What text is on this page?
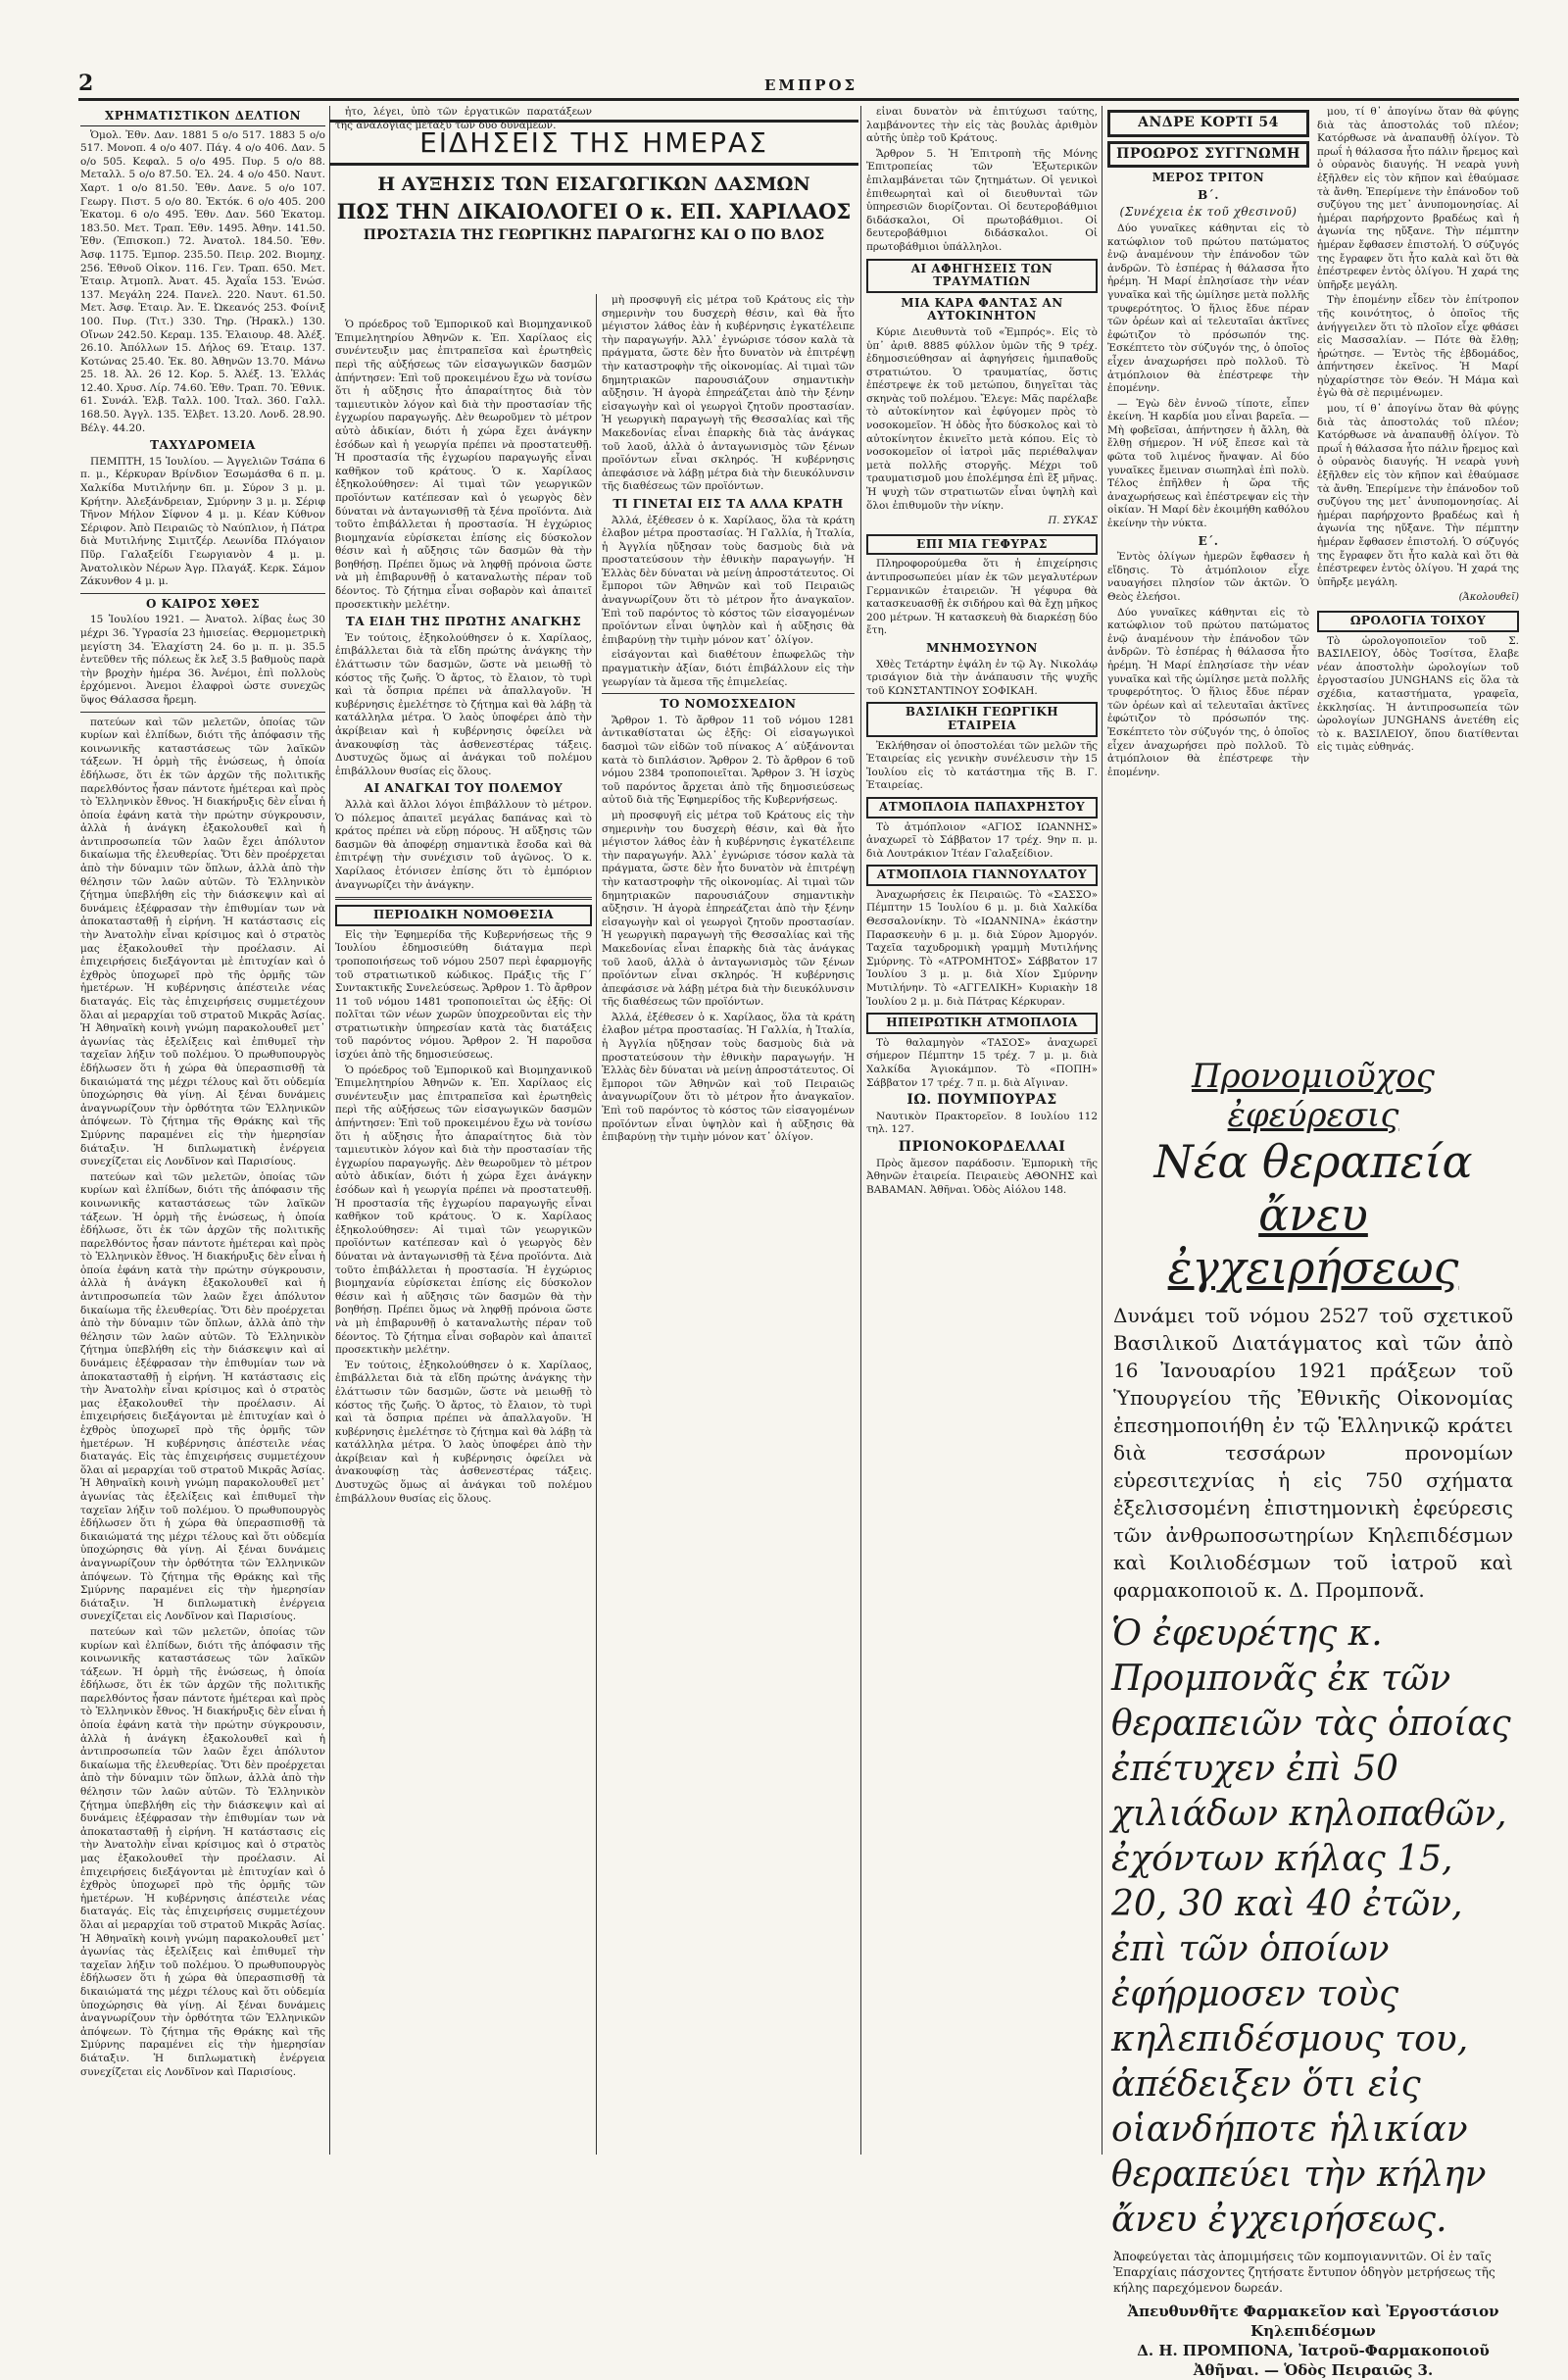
2	ΕΜΠΡΟΣ
ΧΡΗΜΑΤΙΣΤΙΚΟΝ ΔΕΛΤΙΟΝ

Ὁμολ. Ἐθν. Δαν. 1881 5 ο/ο 517. 1883 5 ο/ο 517. Μονοπ. 4 ο/ο 407. Πάγ. 4 ο/ο 406. Δαν. 5 ο/ο 505. Κεφαλ. 5 ο/ο 495. Πυρ. 5 ο/ο 88. Μεταλλ. 5 ο/ο 87.50. Ἐλ. 24. 4 ο/ο 450. Ναυτ. Χαρτ. 1 ο/ο 81.50. Ἐθν. Δανε. 5 ο/ο 107. Γεωργ. Πιστ. 5 ο/ο 80. Ἐκτόκ. 6 ο/ο 405. 200 Ἐκατομ. 6 ο/ο 495. Ἐθν. Δαν. 560 Ἐκατομ. 183.50. Μετ. Τραπ. Ἐθν. 1495. Ἀθην. 141.50. Ἐθν. (Ἐπισκοπ.) 72. Ἀνατολ. 184.50. Ἐθν. Ἀσφ. 1175. Ἐμπορ. 235.50. Πειρ. 202. Βιομηχ. 256. Ἐθνοῦ Οἰκον. 116. Γεν. Τραπ. 650. Μετ. Ἐταιρ. Ἀτμοπλ. Ἀνατ. 45. Ἀχαΐα 153. Ἐνώσ. 137. Μεγάλη 224. Πανελ. 220. Ναυτ. 61.50. Μετ. Ἀσφ. Ἐταιρ. Ἀν. Ἐ. Ὠκεανός 253. Φοίνιξ 100. Πυρ. (Τιτ.) 330. Τηρ. (Ἠρακλ.) 130. Οἴνων 242.50. Κεραμ. 135. Ἐλαιουρ. 48. Ἀλέξ. 26.10. Ἀπόλλων 15. Δήλος 69. Ἐταιρ. 137. Κοτώνας 25.40. Ἐκ. 80. Ἀθηνῶν 13.70. Μάνω 25. 18. Ἀλ. 26 12. Κορ. 5. Ἀλέξ. 13. Ἑλλάς 12.40. Χρυσ. Λίρ. 74.60. Ἐθν. Τραπ. 70. Ἐθνικ. 61. Συνάλ. Ἐλβ. Ταλλ. 100. Ἰταλ. 360. Γαλλ. 168.50. Ἀγγλ. 135. Ἐλβετ. 13.20. Λονδ. 28.90. Βέλγ. 44.20.

ΤΑΧΥΔΡΟΜΕΙΑ

ΠΕΜΠΤΗ, 15 Ἰουλίου. — Ἀγγελιῶν Τσάπα 6 π. μ., Κέρκυραν Βρίνδιον Ἐσωμάσθα 6 π. μ. Χαλκίδα Μυτιλήνην 6π. μ. Σύρον 3 μ. μ. Κρήτην. Ἀλεξάνδρειαν, Σμύρνην 3 μ. μ. Σέριφ Τῆνον Μήλον Σίφνον 4 μ. μ. Κέαν Κύθνον Σέριφον. Ἀπὸ Πειραιῶς τὸ Ναύπλιον, ἡ Πάτρα διὰ Μυτιλήνης Σιμιτζέρ. Λεωνίδα Πλόγαιον Πῦρ. Γαλαξείδι Γεωργιανὸν 4 μ. μ. Ἀνατολικὸν Νέρων Ἀγρ. Πλαγάξ. Κερκ. Σάμον Ζάκυνθον 4 μ. μ.

Ο ΚΑΙΡΟΣ ΧΘΕΣ

15 Ἰουλίου 1921. — Ἀνατολ. λίβας ἐως 30 μέχρι 36. Ὑγρασία 23 ἡμισείας. Θερμομετρικὴ μεγίστη 34. Ἐλαχίστη 24. 6ο μ. π. μ. 35.5 ἐντεῦθεν τῆς πόλεως ἔκ λεξ 3.5 βαθμοὺς παρὰ τὴν βροχὴν ἡμέρα 36. Ἀνέμοι, ἐπὶ πολλοὺς ἐρχόμενοι. Ἀνεμοι ἐλαφροὶ ὡστε συνεχῶς ὕψος Θάλασσα ἤρεμη.

πατεύων καὶ τῶν μελετῶν, ὁποίας τῶν κυρίων καὶ ἐλπίδων, διότι τῆς ἀπόφασιν τῆς κοινωνικῆς καταστάσεως τῶν λαϊκῶν τάξεων. Ἡ ὁρμὴ τῆς ἑνώσεως, ἡ ὁποία ἐδήλωσε, ὅτι ἐκ τῶν ἀρχῶν τῆς πολιτικῆς παρελθόντος ἦσαν πάντοτε ἡμέτεραι καὶ πρὸς τὸ Ἑλληνικὸν ἔθνος. Ἡ διακήρυξις δὲν εἶναι ἡ ὁποία ἐφάνη κατὰ τὴν πρώτην σύγκρουσιν, ἀλλὰ ἡ ἀνάγκη ἐξακολουθεῖ καὶ ἡ ἀντιπροσωπεία τῶν λαῶν ἔχει ἀπόλυτον δικαίωμα τῆς ἐλευθερίας. Ὅτι δὲν προέρχεται ἀπὸ τὴν δύναμιν τῶν ὅπλων, ἀλλὰ ἀπὸ τὴν θέλησιν τῶν λαῶν αὐτῶν. Τὸ Ἑλληνικὸν ζήτημα ὑπεβλήθη εἰς τὴν διάσκεψιν καὶ αἱ δυνάμεις ἐξέφρασαν τὴν ἐπιθυμίαν των νὰ ἀποκατασταθῇ ἡ εἰρήνη. Ἡ κατάστασις εἰς τὴν Ἀνατολὴν εἶναι κρίσιμος καὶ ὁ στρατὸς μας ἐξακολουθεῖ τὴν προέλασιν. Αἱ ἐπιχειρήσεις διεξάγονται μὲ ἐπιτυχίαν καὶ ὁ ἐχθρὸς ὑποχωρεῖ πρὸ τῆς ὁρμῆς τῶν ἡμετέρων. Ἡ κυβέρνησις ἀπέστειλε νέας διαταγάς. Εἰς τὰς ἐπιχειρήσεις συμμετέχουν ὅλαι αἱ μεραρχίαι τοῦ στρατοῦ Μικρᾶς Ἀσίας. Ἡ Ἀθηναϊκὴ κοινὴ γνώμη παρακολουθεῖ μετ᾽ ἀγωνίας τὰς ἐξελίξεις καὶ ἐπιθυμεῖ τὴν ταχεῖαν λήξιν τοῦ πολέμου. Ὁ πρωθυπουργὸς ἐδήλωσεν ὅτι ἡ χώρα θὰ ὑπερασπισθῇ τὰ δικαιώματά της μέχρι τέλους καὶ ὅτι οὐδεμία ὑποχώρησις θὰ γίνῃ. Αἱ ξέναι δυνάμεις ἀναγνωρίζουν τὴν ὀρθότητα τῶν Ἑλληνικῶν ἀπόψεων. Τὸ ζήτημα τῆς Θράκης καὶ τῆς Σμύρνης παραμένει εἰς τὴν ἡμερησίαν διάταξιν. Ἡ διπλωματικὴ ἐνέργεια συνεχίζεται εἰς Λονδῖνον καὶ Παρισίους.

πατεύων καὶ τῶν μελετῶν, ὁποίας τῶν κυρίων καὶ ἐλπίδων, διότι τῆς ἀπόφασιν τῆς κοινωνικῆς καταστάσεως τῶν λαϊκῶν τάξεων. Ἡ ὁρμὴ τῆς ἑνώσεως, ἡ ὁποία ἐδήλωσε, ὅτι ἐκ τῶν ἀρχῶν τῆς πολιτικῆς παρελθόντος ἦσαν πάντοτε ἡμέτεραι καὶ πρὸς τὸ Ἑλληνικὸν ἔθνος. Ἡ διακήρυξις δὲν εἶναι ἡ ὁποία ἐφάνη κατὰ τὴν πρώτην σύγκρουσιν, ἀλλὰ ἡ ἀνάγκη ἐξακολουθεῖ καὶ ἡ ἀντιπροσωπεία τῶν λαῶν ἔχει ἀπόλυτον δικαίωμα τῆς ἐλευθερίας. Ὅτι δὲν προέρχεται ἀπὸ τὴν δύναμιν τῶν ὅπλων, ἀλλὰ ἀπὸ τὴν θέλησιν τῶν λαῶν αὐτῶν. Τὸ Ἑλληνικὸν ζήτημα ὑπεβλήθη εἰς τὴν διάσκεψιν καὶ αἱ δυνάμεις ἐξέφρασαν τὴν ἐπιθυμίαν των νὰ ἀποκατασταθῇ ἡ εἰρήνη. Ἡ κατάστασις εἰς τὴν Ἀνατολὴν εἶναι κρίσιμος καὶ ὁ στρατὸς μας ἐξακολουθεῖ τὴν προέλασιν. Αἱ ἐπιχειρήσεις διεξάγονται μὲ ἐπιτυχίαν καὶ ὁ ἐχθρὸς ὑποχωρεῖ πρὸ τῆς ὁρμῆς τῶν ἡμετέρων. Ἡ κυβέρνησις ἀπέστειλε νέας διαταγάς. Εἰς τὰς ἐπιχειρήσεις συμμετέχουν ὅλαι αἱ μεραρχίαι τοῦ στρατοῦ Μικρᾶς Ἀσίας. Ἡ Ἀθηναϊκὴ κοινὴ γνώμη παρακολουθεῖ μετ᾽ ἀγωνίας τὰς ἐξελίξεις καὶ ἐπιθυμεῖ τὴν ταχεῖαν λήξιν τοῦ πολέμου. Ὁ πρωθυπουργὸς ἐδήλωσεν ὅτι ἡ χώρα θὰ ὑπερασπισθῇ τὰ δικαιώματά της μέχρι τέλους καὶ ὅτι οὐδεμία ὑποχώρησις θὰ γίνῃ. Αἱ ξέναι δυνάμεις ἀναγνωρίζουν τὴν ὀρθότητα τῶν Ἑλληνικῶν ἀπόψεων. Τὸ ζήτημα τῆς Θράκης καὶ τῆς Σμύρνης παραμένει εἰς τὴν ἡμερησίαν διάταξιν. Ἡ διπλωματικὴ ἐνέργεια συνεχίζεται εἰς Λονδῖνον καὶ Παρισίους.

πατεύων καὶ τῶν μελετῶν, ὁποίας τῶν κυρίων καὶ ἐλπίδων, διότι τῆς ἀπόφασιν τῆς κοινωνικῆς καταστάσεως τῶν λαϊκῶν τάξεων. Ἡ ὁρμὴ τῆς ἑνώσεως, ἡ ὁποία ἐδήλωσε, ὅτι ἐκ τῶν ἀρχῶν τῆς πολιτικῆς παρελθόντος ἦσαν πάντοτε ἡμέτεραι καὶ πρὸς τὸ Ἑλληνικὸν ἔθνος. Ἡ διακήρυξις δὲν εἶναι ἡ ὁποία ἐφάνη κατὰ τὴν πρώτην σύγκρουσιν, ἀλλὰ ἡ ἀνάγκη ἐξακολουθεῖ καὶ ἡ ἀντιπροσωπεία τῶν λαῶν ἔχει ἀπόλυτον δικαίωμα τῆς ἐλευθερίας. Ὅτι δὲν προέρχεται ἀπὸ τὴν δύναμιν τῶν ὅπλων, ἀλλὰ ἀπὸ τὴν θέλησιν τῶν λαῶν αὐτῶν. Τὸ Ἑλληνικὸν ζήτημα ὑπεβλήθη εἰς τὴν διάσκεψιν καὶ αἱ δυνάμεις ἐξέφρασαν τὴν ἐπιθυμίαν των νὰ ἀποκατασταθῇ ἡ εἰρήνη. Ἡ κατάστασις εἰς τὴν Ἀνατολὴν εἶναι κρίσιμος καὶ ὁ στρατὸς μας ἐξακολουθεῖ τὴν προέλασιν. Αἱ ἐπιχειρήσεις διεξάγονται μὲ ἐπιτυχίαν καὶ ὁ ἐχθρὸς ὑποχωρεῖ πρὸ τῆς ὁρμῆς τῶν ἡμετέρων. Ἡ κυβέρνησις ἀπέστειλε νέας διαταγάς. Εἰς τὰς ἐπιχειρήσεις συμμετέχουν ὅλαι αἱ μεραρχίαι τοῦ στρατοῦ Μικρᾶς Ἀσίας. Ἡ Ἀθηναϊκὴ κοινὴ γνώμη παρακολουθεῖ μετ᾽ ἀγωνίας τὰς ἐξελίξεις καὶ ἐπιθυμεῖ τὴν ταχεῖαν λήξιν τοῦ πολέμου. Ὁ πρωθυπουργὸς ἐδήλωσεν ὅτι ἡ χώρα θὰ ὑπερασπισθῇ τὰ δικαιώματά της μέχρι τέλους καὶ ὅτι οὐδεμία ὑποχώρησις θὰ γίνῃ. Αἱ ξέναι δυνάμεις ἀναγνωρίζουν τὴν ὀρθότητα τῶν Ἑλληνικῶν ἀπόψεων. Τὸ ζήτημα τῆς Θράκης καὶ τῆς Σμύρνης παραμένει εἰς τὴν ἡμερησίαν διάταξιν. Ἡ διπλωματικὴ ἐνέργεια συνεχίζεται εἰς Λονδῖνον καὶ Παρισίους.

ἦτο, λέγει, ὑπὸ τῶν ἐργατικῶν παρατάξεων τῆς ἀναλογίας μεταξύ τῶν δύο δυνάμεων.

Ὁ πρόεδρος τοῦ Ἐμπορικοῦ καὶ Βιομηχανικοῦ Ἐπιμελητηρίου Ἀθηνῶν κ. Ἐπ. Χαρίλαος εἰς συνέντευξιν μας ἐπιτραπεῖσα καὶ ἐρωτηθεὶς περὶ τῆς αὐξήσεως τῶν εἰσαγωγικῶν δασμῶν ἀπήντησεν: Ἐπὶ τοῦ προκειμένου ἔχω νὰ τονίσω ὅτι ἡ αὔξησις ἦτο ἀπαραίτητος διὰ τὸν ταμιευτικὸν λόγον καὶ διὰ τὴν προστασίαν τῆς ἐγχωρίου παραγωγῆς. Δὲν θεωροῦμεν τὸ μέτρον αὐτὸ ἀδικίαν, διότι ἡ χώρα ἔχει ἀνάγκην ἐσόδων καὶ ἡ γεωργία πρέπει νὰ προστατευθῇ. Ἡ προστασία τῆς ἐγχωρίου παραγωγῆς εἶναι καθῆκον τοῦ κράτους. Ὁ κ. Χαρίλαος ἐξηκολούθησεν: Αἱ τιμαὶ τῶν γεωργικῶν προϊόντων κατέπεσαν καὶ ὁ γεωργὸς δὲν δύναται νὰ ἀνταγωνισθῇ τὰ ξένα προϊόντα. Διὰ τοῦτο ἐπιβάλλεται ἡ προστασία. Ἡ ἐγχώριος βιομηχανία εὑρίσκεται ἐπίσης εἰς δύσκολον θέσιν καὶ ἡ αὔξησις τῶν δασμῶν θὰ τὴν βοηθήσῃ. Πρέπει ὅμως νὰ ληφθῇ πρόνοια ὥστε νὰ μὴ ἐπιβαρυνθῇ ὁ καταναλωτὴς πέραν τοῦ δέοντος. Τὸ ζήτημα εἶναι σοβαρὸν καὶ ἀπαιτεῖ προσεκτικὴν μελέτην.

ΤΑ ΕΙΔΗ ΤΗΣ ΠΡΩΤΗΣ ΑΝΑΓΚΗΣ

Ἐν τούτοις, ἐξηκολούθησεν ὁ κ. Χαρίλαος, ἐπιβάλλεται διὰ τὰ εἴδη πρώτης ἀνάγκης τὴν ἐλάττωσιν τῶν δασμῶν, ὥστε νὰ μειωθῇ τὸ κόστος τῆς ζωῆς. Ὁ ἄρτος, τὸ ἔλαιον, τὸ τυρὶ καὶ τὰ ὄσπρια πρέπει νὰ ἀπαλλαγοῦν. Ἡ κυβέρνησις ἐμελέτησε τὸ ζήτημα καὶ θὰ λάβῃ τὰ κατάλληλα μέτρα. Ὁ λαὸς ὑποφέρει ἀπὸ τὴν ἀκρίβειαν καὶ ἡ κυβέρνησις ὀφείλει νὰ ἀνακουφίσῃ τὰς ἀσθενεστέρας τάξεις. Δυστυχῶς ὅμως αἱ ἀνάγκαι τοῦ πολέμου ἐπιβάλλουν θυσίας εἰς ὅλους.

ΑΙ ΑΝΑΓΚΑΙ ΤΟΥ ΠΟΛΕΜΟΥ

Ἀλλὰ καὶ ἄλλοι λόγοι ἐπιβάλλουν τὸ μέτρον. Ὁ πόλεμος ἀπαιτεῖ μεγάλας δαπάνας καὶ τὸ κράτος πρέπει νὰ εὕρῃ πόρους. Ἡ αὔξησις τῶν δασμῶν θὰ ἀποφέρῃ σημαντικὰ ἔσοδα καὶ θὰ ἐπιτρέψῃ τὴν συνέχισιν τοῦ ἀγῶνος. Ὁ κ. Χαρίλαος ἐτόνισεν ἐπίσης ὅτι τὸ ἐμπόριον ἀναγνωρίζει τὴν ἀνάγκην.

ΠΕΡΙΟΔΙΚΗ ΝΟΜΟΘΕΣΙΑ

Εἰς τὴν Ἐφημερίδα τῆς Κυβερνήσεως τῆς 9 Ἰουλίου ἐδημοσιεύθη διάταγμα περὶ τροποποιήσεως τοῦ νόμου 2507 περὶ ἐφαρμογῆς τοῦ στρατιωτικοῦ κώδικος. Πράξις τῆς Γ΄ Συντακτικῆς Συνελεύσεως. Ἄρθρον 1. Τὸ ἄρθρον 11 τοῦ νόμου 1481 τροποποιεῖται ὡς ἑξῆς: Οἱ πολῖται τῶν νέων χωρῶν ὑποχρεοῦνται εἰς τὴν στρατιωτικὴν ὑπηρεσίαν κατὰ τὰς διατάξεις τοῦ παρόντος νόμου. Ἄρθρον 2. Ἡ παροῦσα ἰσχύει ἀπὸ τῆς δημοσιεύσεως.

Ὁ πρόεδρος τοῦ Ἐμπορικοῦ καὶ Βιομηχανικοῦ Ἐπιμελητηρίου Ἀθηνῶν κ. Ἐπ. Χαρίλαος εἰς συνέντευξιν μας ἐπιτραπεῖσα καὶ ἐρωτηθεὶς περὶ τῆς αὐξήσεως τῶν εἰσαγωγικῶν δασμῶν ἀπήντησεν: Ἐπὶ τοῦ προκειμένου ἔχω νὰ τονίσω ὅτι ἡ αὔξησις ἦτο ἀπαραίτητος διὰ τὸν ταμιευτικὸν λόγον καὶ διὰ τὴν προστασίαν τῆς ἐγχωρίου παραγωγῆς. Δὲν θεωροῦμεν τὸ μέτρον αὐτὸ ἀδικίαν, διότι ἡ χώρα ἔχει ἀνάγκην ἐσόδων καὶ ἡ γεωργία πρέπει νὰ προστατευθῇ. Ἡ προστασία τῆς ἐγχωρίου παραγωγῆς εἶναι καθῆκον τοῦ κράτους. Ὁ κ. Χαρίλαος ἐξηκολούθησεν: Αἱ τιμαὶ τῶν γεωργικῶν προϊόντων κατέπεσαν καὶ ὁ γεωργὸς δὲν δύναται νὰ ἀνταγωνισθῇ τὰ ξένα προϊόντα. Διὰ τοῦτο ἐπιβάλλεται ἡ προστασία. Ἡ ἐγχώριος βιομηχανία εὑρίσκεται ἐπίσης εἰς δύσκολον θέσιν καὶ ἡ αὔξησις τῶν δασμῶν θὰ τὴν βοηθήσῃ. Πρέπει ὅμως νὰ ληφθῇ πρόνοια ὥστε νὰ μὴ ἐπιβαρυνθῇ ὁ καταναλωτὴς πέραν τοῦ δέοντος. Τὸ ζήτημα εἶναι σοβαρὸν καὶ ἀπαιτεῖ προσεκτικὴν μελέτην.

Ἐν τούτοις, ἐξηκολούθησεν ὁ κ. Χαρίλαος, ἐπιβάλλεται διὰ τὰ εἴδη πρώτης ἀνάγκης τὴν ἐλάττωσιν τῶν δασμῶν, ὥστε νὰ μειωθῇ τὸ κόστος τῆς ζωῆς. Ὁ ἄρτος, τὸ ἔλαιον, τὸ τυρὶ καὶ τὰ ὄσπρια πρέπει νὰ ἀπαλλαγοῦν. Ἡ κυβέρνησις ἐμελέτησε τὸ ζήτημα καὶ θὰ λάβῃ τὰ κατάλληλα μέτρα. Ὁ λαὸς ὑποφέρει ἀπὸ τὴν ἀκρίβειαν καὶ ἡ κυβέρνησις ὀφείλει νὰ ἀνακουφίσῃ τὰς ἀσθενεστέρας τάξεις. Δυστυχῶς ὅμως αἱ ἀνάγκαι τοῦ πολέμου ἐπιβάλλουν θυσίας εἰς ὅλους.

ΕΙΔΗΣΕΙΣ ΤΗΣ ΗΜΕΡΑΣ
Η ΑΥΞΗΣΙΣ ΤΩΝ ΕΙΣΑΓΩΓΙΚΩΝ ΔΑΣΜΩΝ
ΠΩΣ ΤΗΝ ΔΙΚΑΙΟΛΟΓΕΙ Ο κ. ΕΠ. ΧΑΡΙΛΑΟΣ
ΠΡΟΣΤΑΣΙΑ ΤΗΣ ΓΕΩΡΓΙΚΗΣ ΠΑΡΑΓΩΓΗΣ ΚΑΙ Ο ΠΟ ΒΛΟΣ

μὴ προσφυγῆ εἰς μέτρα τοῦ Κράτους εἰς τὴν σημερινὴν του δυσχερὴ θέσιν, καὶ θὰ ἦτο μέγιστον λάθος ἐὰν ἡ κυβέρνησις ἐγκατέλειπε τὴν παραγωγήν. Ἀλλ᾽ ἐγνώρισε τόσον καλὰ τὰ πράγματα, ὥστε δὲν ἦτο δυνατὸν νὰ ἐπιτρέψῃ τὴν καταστροφὴν τῆς οἰκονομίας. Αἱ τιμαὶ τῶν δημητριακῶν παρουσιάζουν σημαντικὴν αὔξησιν. Ἡ ἀγορὰ ἐπηρεάζεται ἀπὸ τὴν ξένην εἰσαγωγὴν καὶ οἱ γεωργοὶ ζητοῦν προστασίαν. Ἡ γεωργικὴ παραγωγὴ τῆς Θεσσαλίας καὶ τῆς Μακεδονίας εἶναι ἐπαρκὴς διὰ τὰς ἀνάγκας τοῦ λαοῦ, ἀλλὰ ὁ ἀνταγωνισμὸς τῶν ξένων προϊόντων εἶναι σκληρός. Ἡ κυβέρνησις ἀπεφάσισε νὰ λάβῃ μέτρα διὰ τὴν διευκόλυνσιν τῆς διαθέσεως τῶν προϊόντων.

ΤΙ ΓΙΝΕΤΑΙ ΕΙΣ ΤΑ ΑΛΛΑ ΚΡΑΤΗ

Ἀλλά, ἐξέθεσεν ὁ κ. Χαρίλαος, ὅλα τὰ κράτη ἐλαβον μέτρα προστασίας. Ἡ Γαλλία, ἡ Ἰταλία, ἡ Ἀγγλία ηὔξησαν τοὺς δασμοὺς διὰ νὰ προστατεύσουν τὴν ἐθνικὴν παραγωγήν. Ἡ Ἑλλὰς δὲν δύναται νὰ μείνῃ ἀπροστάτευτος. Οἱ ἔμποροι τῶν Ἀθηνῶν καὶ τοῦ Πειραιῶς ἀναγνωρίζουν ὅτι τὸ μέτρον ἦτο ἀναγκαῖον. Ἐπὶ τοῦ παρόντος τὸ κόστος τῶν εἰσαγομένων προϊόντων εἶναι ὑψηλὸν καὶ ἡ αὔξησις θὰ ἐπιβαρύνῃ τὴν τιμὴν μόνον κατ᾽ ὀλίγον.

εἰσάγονται καὶ διαθέτουν ἐπωφελῶς τὴν πραγματικὴν ἀξίαν, διότι ἐπιβάλλουν εἰς τὴν γεωργίαν τὰ ἄμεσα τῆς ἐπιμελείας.

ΤΟ ΝΟΜΟΣΧΕΔΙΟΝ

Ἄρθρον 1. Τὸ ἄρθρον 11 τοῦ νόμου 1281 ἀντικαθίσταται ὡς ἑξῆς: Οἱ εἰσαγωγικοὶ δασμοὶ τῶν εἰδῶν τοῦ πίνακος Α΄ αὐξάνονται κατὰ τὸ διπλάσιον. Ἄρθρον 2. Τὸ ἄρθρον 6 τοῦ νόμου 2384 τροποποιεῖται. Ἄρθρον 3. Ἡ ἰσχὺς τοῦ παρόντος ἄρχεται ἀπὸ τῆς δημοσιεύσεως αὐτοῦ διὰ τῆς Ἐφημερίδος τῆς Κυβερνήσεως.

μὴ προσφυγῆ εἰς μέτρα τοῦ Κράτους εἰς τὴν σημερινὴν του δυσχερὴ θέσιν, καὶ θὰ ἦτο μέγιστον λάθος ἐὰν ἡ κυβέρνησις ἐγκατέλειπε τὴν παραγωγήν. Ἀλλ᾽ ἐγνώρισε τόσον καλὰ τὰ πράγματα, ὥστε δὲν ἦτο δυνατὸν νὰ ἐπιτρέψῃ τὴν καταστροφὴν τῆς οἰκονομίας. Αἱ τιμαὶ τῶν δημητριακῶν παρουσιάζουν σημαντικὴν αὔξησιν. Ἡ ἀγορὰ ἐπηρεάζεται ἀπὸ τὴν ξένην εἰσαγωγὴν καὶ οἱ γεωργοὶ ζητοῦν προστασίαν. Ἡ γεωργικὴ παραγωγὴ τῆς Θεσσαλίας καὶ τῆς Μακεδονίας εἶναι ἐπαρκὴς διὰ τὰς ἀνάγκας τοῦ λαοῦ, ἀλλὰ ὁ ἀνταγωνισμὸς τῶν ξένων προϊόντων εἶναι σκληρός. Ἡ κυβέρνησις ἀπεφάσισε νὰ λάβῃ μέτρα διὰ τὴν διευκόλυνσιν τῆς διαθέσεως τῶν προϊόντων.

Ἀλλά, ἐξέθεσεν ὁ κ. Χαρίλαος, ὅλα τὰ κράτη ἐλαβον μέτρα προστασίας. Ἡ Γαλλία, ἡ Ἰταλία, ἡ Ἀγγλία ηὔξησαν τοὺς δασμοὺς διὰ νὰ προστατεύσουν τὴν ἐθνικὴν παραγωγήν. Ἡ Ἑλλὰς δὲν δύναται νὰ μείνῃ ἀπροστάτευτος. Οἱ ἔμποροι τῶν Ἀθηνῶν καὶ τοῦ Πειραιῶς ἀναγνωρίζουν ὅτι τὸ μέτρον ἦτο ἀναγκαῖον. Ἐπὶ τοῦ παρόντος τὸ κόστος τῶν εἰσαγομένων προϊόντων εἶναι ὑψηλὸν καὶ ἡ αὔξησις θὰ ἐπιβαρύνῃ τὴν τιμὴν μόνον κατ᾽ ὀλίγον.

εἶναι δυνατὸν νὰ ἐπιτύχωσι ταύτης, λαμβάνοντες τὴν εἰς τὰς βουλὰς ἀριθμὸν αὐτῆς ὑπὲρ τοῦ Κράτους.

Ἄρθρον 5. Ἡ Ἐπιτροπὴ τῆς Μόνης Ἐπιτροπείας τῶν Ἐξωτερικῶν ἐπιλαμβάνεται τῶν ζητημάτων. Οἱ γενικοὶ ἐπιθεωρηταὶ καὶ οἱ διευθυνταὶ τῶν ὑπηρεσιῶν διορίζονται. Οἱ δευτεροβάθμιοι διδάσκαλοι, Οἱ πρωτοβάθμιοι. Οἱ δευτεροβάθμιοι διδάσκαλοι. Οἱ πρωτοβάθμιοι ὑπάλληλοι.

ΑΙ ΑΦΗΓΗΣΕΙΣ ΤΩΝ ΤΡΑΥΜΑΤΙΩΝ
ΜΙΑ ΚΑΡΑ ΦΑΝΤΑΣ ΑΝ ΑΥΤΟΚΙΝΗΤΟΝ

Κύριε Διευθυντὰ τοῦ «Ἐμπρός». Εἰς τὸ ὑπ᾽ ἀριθ. 8885 φύλλον ὑμῶν τῆς 9 τρέχ. ἐδημοσιεύθησαν αἱ ἀφηγήσεις ἡμιπαθοῦς στρατιώτου. Ὁ τραυματίας, ὅστις ἐπέστρεψε ἐκ τοῦ μετώπου, διηγεῖται τὰς σκηνὰς τοῦ πολέμου. Ἔλεγε: Μᾶς παρέλαβε τὸ αὐτοκίνητον καὶ ἐφύγομεν πρὸς τὸ νοσοκομεῖον. Ἡ ὁδὸς ἦτο δύσκολος καὶ τὸ αὐτοκίνητον ἐκινεῖτο μετὰ κόπου. Εἰς τὸ νοσοκομεῖον οἱ ἰατροὶ μᾶς περιέθαλψαν μετὰ πολλῆς στοργῆς. Μέχρι τοῦ τραυματισμοῦ μου ἐπολέμησα ἐπὶ ἓξ μῆνας. Ἡ ψυχὴ τῶν στρατιωτῶν εἶναι ὑψηλὴ καὶ ὅλοι ἐπιθυμοῦν τὴν νίκην.

Π. ΣΥΚΑΣ
ΕΠΙ ΜΙΑ ΓΕΦΥΡΑΣ

Πληροφορούμεθα ὅτι ἡ ἐπιχείρησις ἀντιπροσωπεύει μίαν ἐκ τῶν μεγαλυτέρων Γερμανικῶν ἐταιρειῶν. Ἡ γέφυρα θὰ κατασκευασθῇ ἐκ σιδήρου καὶ θὰ ἔχῃ μῆκος 200 μέτρων. Ἡ κατασκευὴ θὰ διαρκέσῃ δύο ἔτη.

ΜΝΗΜΟΣΥΝΟΝ

Χθὲς Τετάρτην ἐψάλη ἐν τῷ Ἀγ. Νικολάῳ τρισάγιον διὰ τὴν ἀνάπαυσιν τῆς ψυχῆς τοῦ ΚΩΝΣΤΑΝΤΙΝΟΥ ΣΟΦΙΚΑΗ.

ΒΑΣΙΛΙΚΗ ΓΕΩΡΓΙΚΗ ΕΤΑΙΡΕΙΑ

Ἐκλήθησαν οἱ ὁποστολέαι τῶν μελῶν τῆς Ἑταιρείας εἰς γενικὴν συνέλευσιν τὴν 15 Ἰουλίου εἰς τὸ κατάστημα τῆς Β. Γ. Ἑταιρείας.

ΑΤΜΟΠΛΟΙΑ ΠΑΠΑΧΡΗΣΤΟΥ

Τὸ ἀτμόπλοιον «ΑΓΙΟΣ ΙΩΑΝΝΗΣ» ἀναχωρεῖ τὸ Σάββατον 17 τρέχ. 9ην π. μ. διὰ Λουτράκιον Ἰτέαν Γαλαξείδιον.

ΑΤΜΟΠΛΟΙΑ ΓΙΑΝΝΟΥΛΑΤΟΥ

Ἀναχωρήσεις ἐκ Πειραιῶς. Τὸ «ΣΑΣΣΟ» Πέμπτην 15 Ἰουλίου 6 μ. μ. διὰ Χαλκίδα Θεσσαλονίκην. Τὸ «ΙΩΑΝΝΙΝΑ» ἐκάστην Παρασκευὴν 6 μ. μ. διὰ Σύρον Ἀμοργόν. Ταχεῖα ταχυδρομικὴ γραμμὴ Μυτιλήνης Σμύρνης. Τὸ «ΑΤΡΟΜΗΤΟΣ» Σάββατον 17 Ἰουλίου 3 μ. μ. διὰ Χίον Σμύρνην Μυτιλήνην. Τὸ «ΑΓΓΕΛΙΚΗ» Κυριακὴν 18 Ἰουλίου 2 μ. μ. διὰ Πάτρας Κέρκυραν.

ΗΠΕΙΡΩΤΙΚΗ ΑΤΜΟΠΛΟΙΑ

Τὸ θαλαμηγὸν «ΤΑΣΟΣ» ἀναχωρεῖ σήμερον Πέμπτην 15 τρέχ. 7 μ. μ. διὰ Χαλκίδα Ἀγιοκάμπον. Τὸ «ΠΟΠΗ» Σάββατον 17 τρέχ. 7 π. μ. διὰ Αἴγιναν.

ΙΩ. ΠΟΥΜΠΟΥΡΑΣ

Ναυτικὸν Πρακτορεῖον. 8 Ιουλίου 112 τηλ. 127.

ΠΡΙΟΝΟΚΟΡΔΕΛΛΑΙ

Πρὸς ἅμεσον παράδοσιν. Ἐμπορικὴ τῆς Ἀθηνῶν ἐταιρεία. Πειραιεὺς ΑΘΟΝΗΣ καὶ ΒΑΒΑΜΑΝ. Ἀθῆναι. Ὁδὸς Αἰόλου 148.

ΑΝΔΡΕ ΚΟΡΤΙ 54
ΠΡΟΩΡΟΣ ΣΥΓΓΝΩΜΗ
ΜΕΡΟΣ ΤΡΙΤΟΝ
Β΄.
(Συνέχεια ἐκ τοῦ χθεσινοῦ)

Δύο γυναῖκες κάθηνται εἰς τὸ κατώφλιον τοῦ πρώτου πατώματος ἐνῷ ἀναμένουν τὴν ἐπάνοδον τῶν ἀνδρῶν. Τὸ ἑσπέρας ἡ θάλασσα ἦτο ἡρέμη. Ἡ Μαρί ἐπλησίασε τὴν νέαν γυναῖκα καὶ τῆς ὡμίλησε μετὰ πολλῆς τρυφερότητος. Ὁ ἥλιος ἔδυε πέραν τῶν ὀρέων καὶ αἱ τελευταῖαι ἀκτῖνες ἐφώτιζον τὸ πρόσωπόν της. Ἐσκέπτετο τὸν σύζυγόν της, ὁ ὁποῖος εἶχεν ἀναχωρήσει πρὸ πολλοῦ. Τὸ ἀτμόπλοιον θὰ ἐπέστρεφε τὴν ἐπομένην.

— Ἐγὼ δὲν ἐννοῶ τίποτε, εἶπεν ἐκείνη. Ἡ καρδία μου εἶναι βαρεῖα. — Μὴ φοβεῖσαι, ἀπήντησεν ἡ ἄλλη, θὰ ἔλθῃ σήμερον. Ἡ νύξ ἔπεσε καὶ τὰ φῶτα τοῦ λιμένος ἤναψαν. Αἱ δύο γυναῖκες ἔμειναν σιωπηλαὶ ἐπὶ πολὺ. Τέλος ἐπῆλθεν ἡ ὥρα τῆς ἀναχωρήσεως καὶ ἐπέστρεψαν εἰς τὴν οἰκίαν. Ἡ Μαρί δὲν ἐκοιμήθη καθόλου ἐκείνην τὴν νύκτα.

Ε΄.

Ἐντὸς ὀλίγων ἡμερῶν ἔφθασεν ἡ εἴδησις. Τὸ ἀτμόπλοιον εἶχε ναυαγήσει πλησίον τῶν ἀκτῶν. Ὁ Θεὸς ἐλεήσοι.

Δύο γυναῖκες κάθηνται εἰς τὸ κατώφλιον τοῦ πρώτου πατώματος ἐνῷ ἀναμένουν τὴν ἐπάνοδον τῶν ἀνδρῶν. Τὸ ἑσπέρας ἡ θάλασσα ἦτο ἡρέμη. Ἡ Μαρί ἐπλησίασε τὴν νέαν γυναῖκα καὶ τῆς ὡμίλησε μετὰ πολλῆς τρυφερότητος. Ὁ ἥλιος ἔδυε πέραν τῶν ὀρέων καὶ αἱ τελευταῖαι ἀκτῖνες ἐφώτιζον τὸ πρόσωπόν της. Ἐσκέπτετο τὸν σύζυγόν της, ὁ ὁποῖος εἶχεν ἀναχωρήσει πρὸ πολλοῦ. Τὸ ἀτμόπλοιον θὰ ἐπέστρεφε τὴν ἐπομένην.

μου, τί θ᾽ ἀπογίνω ὅταν θὰ φύγῃς διὰ τὰς ἀποστολάς τοῦ πλέον; Κατόρθωσε νὰ ἀναπαυθῇ ὀλίγον. Τὸ πρωΐ ἡ θάλασσα ἦτο πάλιν ἤρεμος καὶ ὁ οὐρανὸς διαυγής. Ἡ νεαρὰ γυνὴ ἐξῆλθεν εἰς τὸν κῆπον καὶ ἐθαύμασε τὰ ἄνθη. Ἐπερίμενε τὴν ἐπάνοδον τοῦ συζύγου της μετ᾽ ἀνυπομονησίας. Αἱ ἡμέραι παρήρχοντο βραδέως καὶ ἡ ἀγωνία της ηὔξανε. Τὴν πέμπτην ἡμέραν ἔφθασεν ἐπιστολή. Ὁ σύζυγός της ἔγραφεν ὅτι ἦτο καλὰ καὶ ὅτι θὰ ἐπέστρεφεν ἐντὸς ὀλίγου. Ἡ χαρά της ὑπῆρξε μεγάλη.

Τὴν ἑπομένην εἶδεν τὸν ἐπίτροπον τῆς κοινότητος, ὁ ὁποῖος τῆς ἀνήγγειλεν ὅτι τὸ πλοῖον εἶχε φθάσει εἰς Μασσαλίαν. — Πότε θὰ ἔλθῃ; ἠρώτησε. — Ἐντὸς τῆς ἑβδομάδος, ἀπήντησεν ἐκεῖνος. Ἡ Μαρί ηὐχαρίστησε τὸν Θεόν. Ἡ Μάμα καὶ ἐγὼ θὰ σὲ περιμένωμεν.

μου, τί θ᾽ ἀπογίνω ὅταν θὰ φύγῃς διὰ τὰς ἀποστολάς τοῦ πλέον; Κατόρθωσε νὰ ἀναπαυθῇ ὀλίγον. Τὸ πρωΐ ἡ θάλασσα ἦτο πάλιν ἤρεμος καὶ ὁ οὐρανὸς διαυγής. Ἡ νεαρὰ γυνὴ ἐξῆλθεν εἰς τὸν κῆπον καὶ ἐθαύμασε τὰ ἄνθη. Ἐπερίμενε τὴν ἐπάνοδον τοῦ συζύγου της μετ᾽ ἀνυπομονησίας. Αἱ ἡμέραι παρήρχοντο βραδέως καὶ ἡ ἀγωνία της ηὔξανε. Τὴν πέμπτην ἡμέραν ἔφθασεν ἐπιστολή. Ὁ σύζυγός της ἔγραφεν ὅτι ἦτο καλὰ καὶ ὅτι θὰ ἐπέστρεφεν ἐντὸς ὀλίγου. Ἡ χαρά της ὑπῆρξε μεγάλη.

(Ἀκολουθεῖ)
ΩΡΟΛΟΓΙΑ ΤΟΙΧΟΥ

Τὸ ὡρολογοποιεῖον τοῦ Σ. ΒΑΣΙΛΕΙΟΥ, ὁδὸς Τοσίτσα, ἔλαβε νέαν ἀποστολὴν ὡρολογίων τοῦ ἐργοστασίου JUNGHANS εἰς ὅλα τὰ σχέδια, καταστήματα, γραφεῖα, ἐκκλησίας. Ἡ ἀντιπροσωπεία τῶν ὡρολογίων JUNGHANS ἀνετέθη εἰς τὸ κ. ΒΑΣΙΛΕΙΟΥ, ὅπου διατίθενται εἰς τιμὰς εὐθηνάς.

Προνομιοῦχος ἐφεύρεσις
Νέα θεραπεία
ἄνευ ἐγχειρήσεως
Δυνάμει τοῦ νόμου 2527 τοῦ σχετικοῦ Βασιλικοῦ Διατάγματος καὶ τῶν ἀπὸ 16 Ἰανουαρίου 1921 πράξεων τοῦ Ὑπουργείου τῆς Ἐθνικῆς Οἰκονομίας ἐπεσημοποιήθη ἐν τῷ Ἑλληνικῷ κράτει διὰ τεσσάρων προνομίων εὑρεσιτεχνίας ἡ εἰς 750 σχήματα ἐξελισσομένη ἐπιστημονικὴ ἐφεύρεσις τῶν ἀνθρωποσωτηρίων Κηλεπιδέσμων καὶ Κοιλιοδέσμων τοῦ ἰατροῦ καὶ φαρμακοποιοῦ κ. Δ. Προμπονᾶ.
Ὁ ἐφευρέτης κ. Προμπονᾶς ἐκ τῶν θεραπειῶν τὰς ὁποίας ἐπέτυχεν ἐπὶ 50 χιλιάδων κηλοπαθῶν, ἐχόντων κήλας 15, 20, 30 καὶ 40 ἐτῶν, ἐπὶ τῶν ὁποίων ἐφήρμοσεν τοὺς κηλεπιδέσμους του, ἀπέδειξεν ὅτι εἰς οἱανδήποτε ἡλικίαν θεραπεύει τὴν κήλην ἄνευ ἐγχειρήσεως.
Ἀποφεύγεται τὰς ἀπομιμήσεις τῶν κομπογιαννιτῶν. Οἱ ἐν ταῖς Ἐπαρχίαις πάσχοντες ζητήσατε ἔντυπον ὁδηγὸν μετρήσεως τῆς κήλης παρεχόμενον δωρεάν.
Ἀπευθυνθῆτε Φαρμακεῖον καὶ Ἐργοστάσιον Κηλεπιδέσμων
Δ. Η. ΠΡΟΜΠΟΝΑ, Ἰατροῦ-Φαρμακοποιοῦ
Ἀθῆναι. — Ὁδὸς Πειραιῶς 3.
